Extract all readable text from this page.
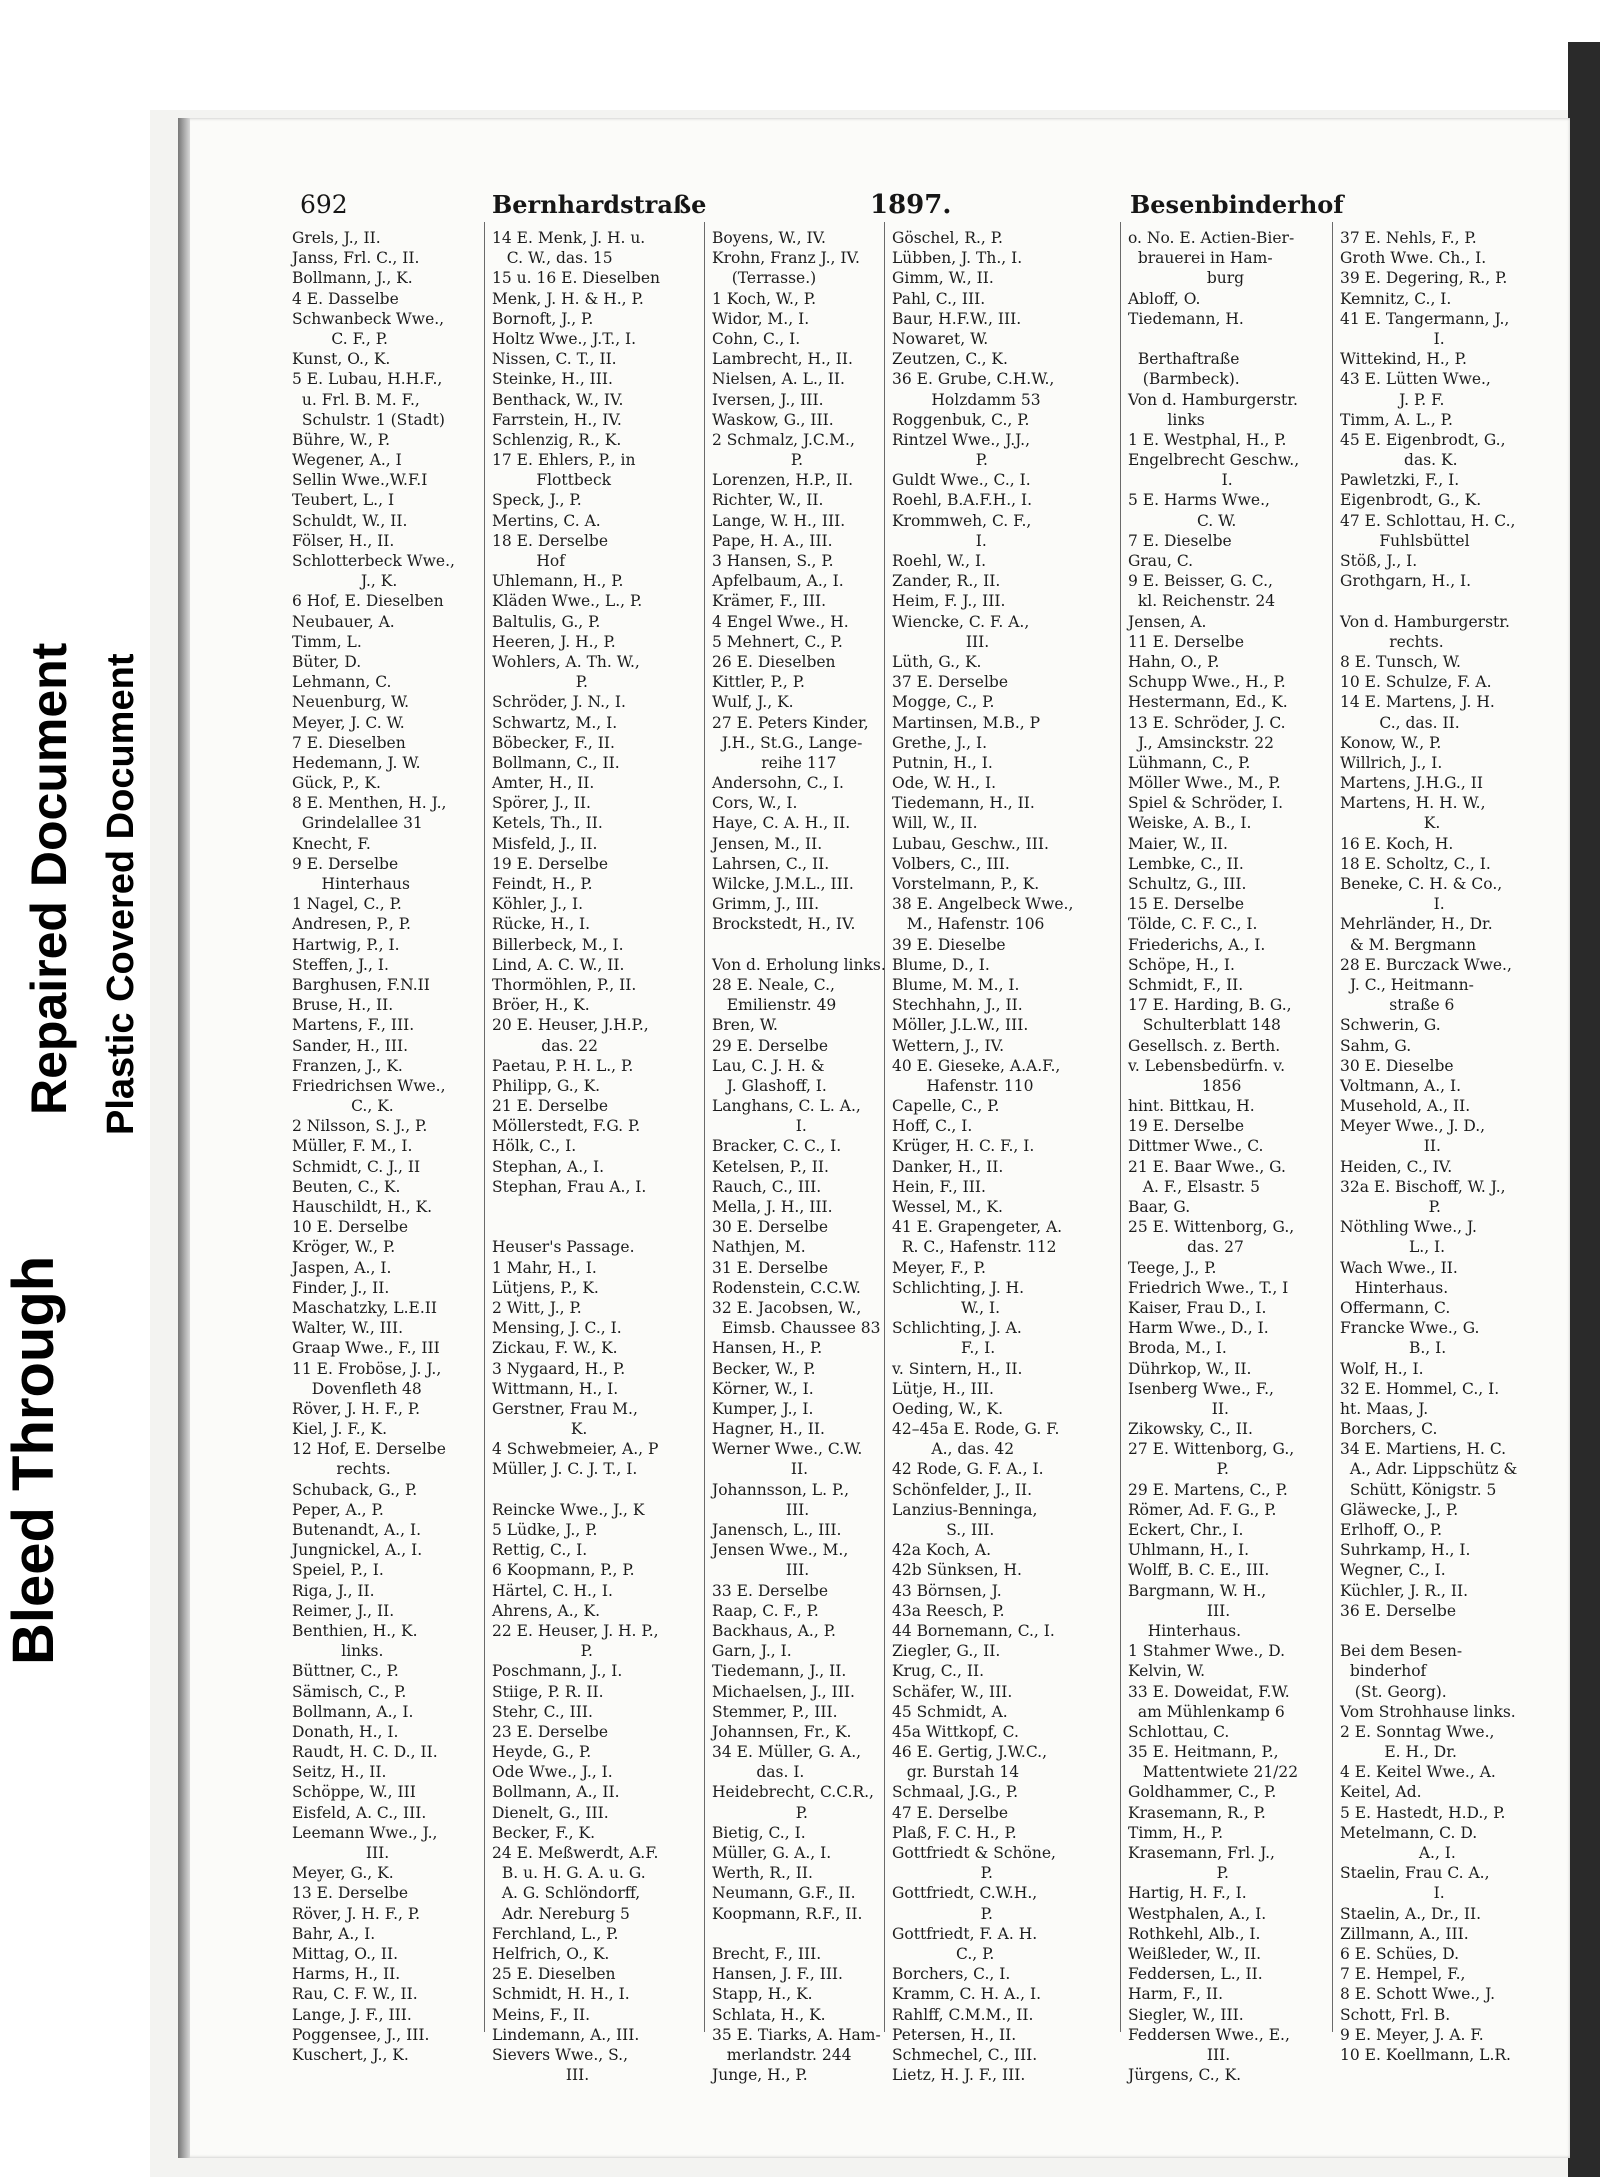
Bleed Through
Repaired Document Plastic Covered Document
692	Bernhardstraße	1897.	Besenbinderhof
Grels, J., II.
Janss, Frl. C., II.
Bollmann, J., K.
4 E. Dasselbe
Schwanbeck Wwe.,
C. F., P.
Kunst, O., K.
5 E. Lubau, H.H.F.,
u. Frl. B. M. F.,
Schulstr. 1 (Stadt)
Bühre, W., P.
Wegener, A., I
Sellin Wwe.,W.F.I
Teubert, L., I
Schuldt, W., II.
Fölser, H., II.
Schlotterbeck Wwe.,
J., K.
6 Hof, E. Dieselben
Neubauer, A.
Timm, L.
Büter, D.
Lehmann, C.
Neuenburg, W.
Meyer, J. C. W.
7 E. Dieselben
Hedemann, J. W.
Gück, P., K.
8 E. Menthen, H. J.,
Grindelallee 31
Knecht, F.
9 E. Derselbe
Hinterhaus
1 Nagel, C., P.
Andresen, P., P.
Hartwig, P., I.
Steffen, J., I.
Barghusen, F.N.II
Bruse, H., II.
Martens, F., III.
Sander, H., III.
Franzen, J., K.
Friedrichsen Wwe.,
C., K.
2 Nilsson, S. J., P.
Müller, F. M., I.
Schmidt, C. J., II
Beuten, C., K.
Hauschildt, H., K.
10 E. Derselbe
Kröger, W., P.
Jaspen, A., I.
Finder, J., II.
Maschatzky, L.E.II
Walter, W., III.
Graap Wwe., F., III
11 E. Froböse, J. J.,
Dovenfleth 48
Röver, J. H. F., P.
Kiel, J. F., K.
12 Hof, E. Derselbe
rechts.
Schuback, G., P.
Peper, A., P.
Butenandt, A., I.
Jungnickel, A., I.
Speiel, P., I.
Riga, J., II.
Reimer, J., II.
Benthien, H., K.
links.
Büttner, C., P.
Sämisch, C., P.
Bollmann, A., I.
Donath, H., I.
Raudt, H. C. D., II.
Seitz, H., II.
Schöppe, W., III
Eisfeld, A. C., III.
Leemann Wwe., J.,
III.
Meyer, G., K.
13 E. Derselbe
Röver, J. H. F., P.
Bahr, A., I.
Mittag, O., II.
Harms, H., II.
Rau, C. F. W., II.
Lange, J. F., III.
Poggensee, J., III.
Kuschert, J., K.
14 E. Menk, J. H. u.
C. W., das. 15
15 u. 16 E. Dieselben
Menk, J. H. & H., P.
Bornoft, J., P.
Holtz Wwe., J.T., I.
Nissen, C. T., II.
Steinke, H., III.
Benthack, W., IV.
Farrstein, H., IV.
Schlenzig, R., K.
17 E. Ehlers, P., in
Flottbeck
Speck, J., P.
Mertins, C. A.
18 E. Derselbe
Hof
Uhlemann, H., P.
Kläden Wwe., L., P.
Baltulis, G., P.
Heeren, J. H., P.
Wohlers, A. Th. W.,
P.
Schröder, J. N., I.
Schwartz, M., I.
Böbecker, F., II.
Bollmann, C., II.
Amter, H., II.
Spörer, J., II.
Ketels, Th., II.
Misfeld, J., II.
19 E. Derselbe
Feindt, H., P.
Köhler, J., I.
Rücke, H., I.
Billerbeck, M., I.
Lind, A. C. W., II.
Thormöhlen, P., II.
Bröer, H., K.
20 E. Heuser, J.H.P.,
das. 22
Paetau, P. H. L., P.
Philipp, G., K.
21 E. Derselbe
Möllerstedt, F.G. P.
Hölk, C., I.
Stephan, A., I.
Stephan, Frau A., I.
Heuser's Passage.
1 Mahr, H., I.
Lütjens, P., K.
2 Witt, J., P.
Mensing, J. C., I.
Zickau, F. W., K.
3 Nygaard, H., P.
Wittmann, H., I.
Gerstner, Frau M.,
K.
4 Schwebmeier, A., P
Müller, J. C. J. T., I.
Reincke Wwe., J., K
5 Lüdke, J., P.
Rettig, C., I.
6 Koopmann, P., P.
Härtel, C. H., I.
Ahrens, A., K.
22 E. Heuser, J. H. P.,
P.
Poschmann, J., I.
Stiige, P. R. II.
Stehr, C., III.
23 E. Derselbe
Heyde, G., P.
Ode Wwe., J., I.
Bollmann, A., II.
Dienelt, G., III.
Becker, F., K.
24 E. Meßwerdt, A.F.
B. u. H. G. A. u. G.
A. G. Schlöndorff,
Adr. Nereburg 5
Ferchland, L., P.
Helfrich, O., K.
25 E. Dieselben
Schmidt, H. H., I.
Meins, F., II.
Lindemann, A., III.
Sievers Wwe., S.,
III.
Boyens, W., IV.
Krohn, Franz J., IV.
(Terrasse.)
1 Koch, W., P.
Widor, M., I.
Cohn, C., I.
Lambrecht, H., II.
Nielsen, A. L., II.
Iversen, J., III.
Waskow, G., III.
2 Schmalz, J.C.M.,
P.
Lorenzen, H.P., II.
Richter, W., II.
Lange, W. H., III.
Pape, H. A., III.
3 Hansen, S., P.
Apfelbaum, A., I.
Krämer, F., III.
4 Engel Wwe., H.
5 Mehnert, C., P.
26 E. Dieselben
Kittler, P., P.
Wulf, J., K.
27 E. Peters Kinder,
J.H., St.G., Lange-
reihe 117
Andersohn, C., I.
Cors, W., I.
Haye, C. A. H., II.
Jensen, M., II.
Lahrsen, C., II.
Wilcke, J.M.L., III.
Grimm, J., III.
Brockstedt, H., IV.
Von d. Erholung links.
28 E. Neale, C.,
Emilienstr. 49
Bren, W.
29 E. Derselbe
Lau, C. J. H. &
J. Glashoff, I.
Langhans, C. L. A.,
I.
Bracker, C. C., I.
Ketelsen, P., II.
Rauch, C., III.
Mella, J. H., III.
30 E. Derselbe
Nathjen, M.
31 E. Derselbe
Rodenstein, C.C.W.
32 E. Jacobsen, W.,
Eimsb. Chaussee 83
Hansen, H., P.
Becker, W., P.
Körner, W., I.
Kumper, J., I.
Hagner, H., II.
Werner Wwe., C.W.
II.
Johannsson, L. P.,
III.
Janensch, L., III.
Jensen Wwe., M.,
III.
33 E. Derselbe
Raap, C. F., P.
Backhaus, A., P.
Garn, J., I.
Tiedemann, J., II.
Michaelsen, J., III.
Stemmer, P., III.
Johannsen, Fr., K.
34 E. Müller, G. A.,
das. I.
Heidebrecht, C.C.R.,
P.
Bietig, C., I.
Müller, G. A., I.
Werth, R., II.
Neumann, G.F., II.
Koopmann, R.F., II.
Brecht, F., III.
Hansen, J. F., III.
Stapp, H., K.
Schlata, H., K.
35 E. Tiarks, A. Ham-
merlandstr. 244
Junge, H., P.
Göschel, R., P.
Lübben, J. Th., I.
Gimm, W., II.
Pahl, C., III.
Baur, H.F.W., III.
Nowaret, W.
Zeutzen, C., K.
36 E. Grube, C.H.W.,
Holzdamm 53
Roggenbuk, C., P.
Rintzel Wwe., J.J.,
P.
Guldt Wwe., C., I.
Roehl, B.A.F.H., I.
Krommweh, C. F.,
I.
Roehl, W., I.
Zander, R., II.
Heim, F. J., III.
Wiencke, C. F. A.,
III.
Lüth, G., K.
37 E. Derselbe
Mogge, C., P.
Martinsen, M.B., P
Grethe, J., I.
Putnin, H., I.
Ode, W. H., I.
Tiedemann, H., II.
Will, W., II.
Lubau, Geschw., III.
Volbers, C., III.
Vorstelmann, P., K.
38 E. Angelbeck Wwe.,
M., Hafenstr. 106
39 E. Dieselbe
Blume, D., I.
Blume, M. M., I.
Stechhahn, J., II.
Möller, J.L.W., III.
Wettern, J., IV.
40 E. Gieseke, A.A.F.,
Hafenstr. 110
Capelle, C., P.
Hoff, C., I.
Krüger, H. C. F., I.
Danker, H., II.
Hein, F., III.
Wessel, M., K.
41 E. Grapengeter, A.
R. C., Hafenstr. 112
Meyer, F., P.
Schlichting, J. H.
W., I.
Schlichting, J. A.
F., I.
v. Sintern, H., II.
Lütje, H., III.
Oeding, W., K.
42–45a E. Rode, G. F.
A., das. 42
42 Rode, G. F. A., I.
Schönfelder, J., II.
Lanzius-Benninga,
S., III.
42a Koch, A.
42b Sünksen, H.
43 Börnsen, J.
43a Reesch, P.
44 Bornemann, C., I.
Ziegler, G., II.
Krug, C., II.
Schäfer, W., III.
45 Schmidt, A.
45a Wittkopf, C.
46 E. Gertig, J.W.C.,
gr. Burstah 14
Schmaal, J.G., P.
47 E. Derselbe
Plaß, F. C. H., P.
Gottfriedt & Schöne,
P.
Gottfriedt, C.W.H.,
P.
Gottfriedt, F. A. H.
C., P.
Borchers, C., I.
Kramm, C. H. A., I.
Rahlff, C.M.M., II.
Petersen, H., II.
Schmechel, C., III.
Lietz, H. J. F., III.
o. No. E. Actien-Bier-
brauerei in Ham-
burg
Abloff, O.
Tiedemann, H.
Berthaftraße
(Barmbeck).
Von d. Hamburgerstr.
links
1 E. Westphal, H., P.
Engelbrecht Geschw.,
I.
5 E. Harms Wwe.,
C. W.
7 E. Dieselbe
Grau, C.
9 E. Beisser, G. C.,
kl. Reichenstr. 24
Jensen, A.
11 E. Derselbe
Hahn, O., P.
Schupp Wwe., H., P.
Hestermann, Ed., K.
13 E. Schröder, J. C.
J., Amsinckstr. 22
Lühmann, C., P.
Möller Wwe., M., P.
Spiel & Schröder, I.
Weiske, A. B., I.
Maier, W., II.
Lembke, C., II.
Schultz, G., III.
15 E. Derselbe
Tölde, C. F. C., I.
Friederichs, A., I.
Schöpe, H., I.
Schmidt, F., II.
17 E. Harding, B. G.,
Schulterblatt 148
Gesellsch. z. Berth.
v. Lebensbedürfn. v.
1856
hint. Bittkau, H.
19 E. Derselbe
Dittmer Wwe., C.
21 E. Baar Wwe., G.
A. F., Elsastr. 5
Baar, G.
25 E. Wittenborg, G.,
das. 27
Teege, J., P.
Friedrich Wwe., T., I
Kaiser, Frau D., I.
Harm Wwe., D., I.
Broda, M., I.
Dührkop, W., II.
Isenberg Wwe., F.,
II.
Zikowsky, C., II.
27 E. Wittenborg, G.,
P.
29 E. Martens, C., P.
Römer, Ad. F. G., P.
Eckert, Chr., I.
Uhlmann, H., I.
Wolff, B. C. E., III.
Bargmann, W. H.,
III.
Hinterhaus.
1 Stahmer Wwe., D.
Kelvin, W.
33 E. Doweidat, F.W.
am Mühlenkamp 6
Schlottau, C.
35 E. Heitmann, P.,
Mattentwiete 21/22
Goldhammer, C., P.
Krasemann, R., P.
Timm, H., P.
Krasemann, Frl. J.,
P.
Hartig, H. F., I.
Westphalen, A., I.
Rothkehl, Alb., I.
Weißleder, W., II.
Feddersen, L., II.
Harm, F., II.
Siegler, W., III.
Feddersen Wwe., E.,
III.
Jürgens, C., K.
37 E. Nehls, F., P.
Groth Wwe. Ch., I.
39 E. Degering, R., P.
Kemnitz, C., I.
41 E. Tangermann, J.,
I.
Wittekind, H., P.
43 E. Lütten Wwe.,
J. P. F.
Timm, A. L., P.
45 E. Eigenbrodt, G.,
das. K.
Pawletzki, F., I.
Eigenbrodt, G., K.
47 E. Schlottau, H. C.,
Fuhlsbüttel
Stöß, J., I.
Grothgarn, H., I.
Von d. Hamburgerstr.
rechts.
8 E. Tunsch, W.
10 E. Schulze, F. A.
14 E. Martens, J. H.
C., das. II.
Konow, W., P.
Willrich, J., I.
Martens, J.H.G., II
Martens, H. H. W.,
K.
16 E. Koch, H.
18 E. Scholtz, C., I.
Beneke, C. H. & Co.,
I.
Mehrländer, H., Dr.
& M. Bergmann
28 E. Burczack Wwe.,
J. C., Heitmann-
straße 6
Schwerin, G.
Sahm, G.
30 E. Dieselbe
Voltmann, A., I.
Musehold, A., II.
Meyer Wwe., J. D.,
II.
Heiden, C., IV.
32a E. Bischoff, W. J.,
P.
Nöthling Wwe., J.
L., I.
Wach Wwe., II.
Hinterhaus.
Offermann, C.
Francke Wwe., G.
B., I.
Wolf, H., I.
32 E. Hommel, C., I.
ht. Maas, J.
Borchers, C.
34 E. Martiens, H. C.
A., Adr. Lippschütz &
Schütt, Königstr. 5
Gläwecke, J., P.
Erlhoff, O., P.
Suhrkamp, H., I.
Wegner, C., I.
Küchler, J. R., II.
36 E. Derselbe
Bei dem Besen-
binderhof
(St. Georg).
Vom Strohhause links.
2 E. Sonntag Wwe.,
E. H., Dr.
4 E. Keitel Wwe., A.
Keitel, Ad.
5 E. Hastedt, H.D., P.
Metelmann, C. D.
A., I.
Staelin, Frau C. A.,
I.
Staelin, A., Dr., II.
Zillmann, A., III.
6 E. Schües, D.
7 E. Hempel, F.,
8 E. Schott Wwe., J.
Schott, Frl. B.
9 E. Meyer, J. A. F.
10 E. Koellmann, L.R.
